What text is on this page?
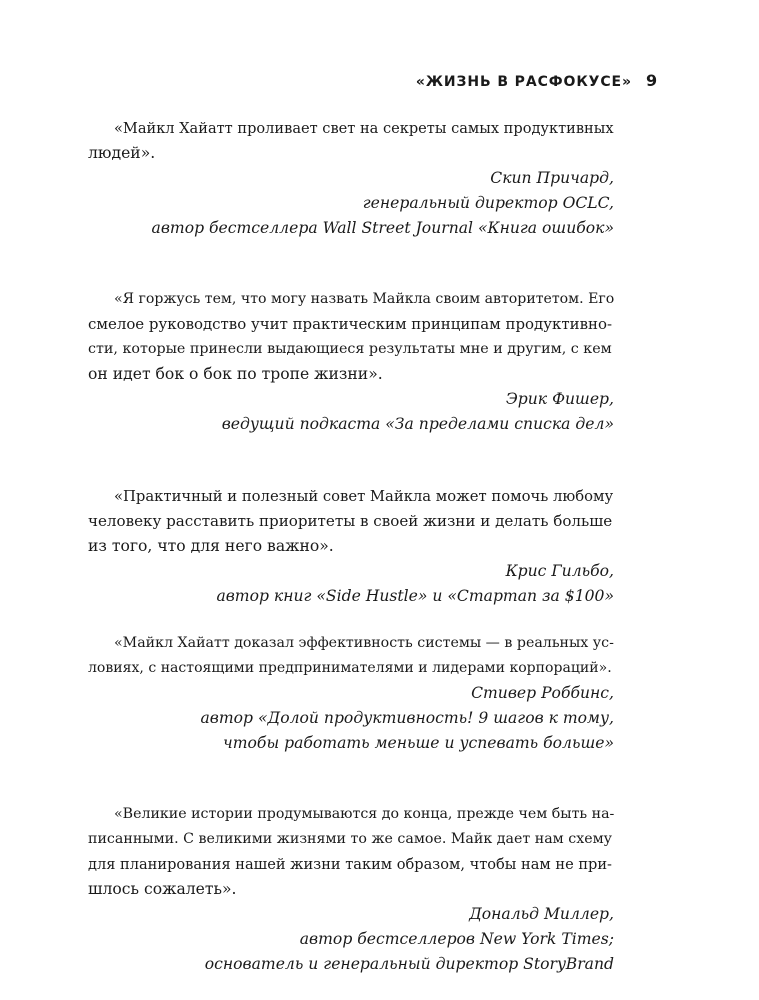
«ЖИЗНЬ В РАСФОКУСЕ» 9

«Майкл Хайатт проливает свет на секреты самых продуктивных
людей».

Скип Причард,
генеральный директор OCLC,
автор бестселлера Wall Street Journal «Книга ошибок»

«Я горжусь тем, что могу назвать Майкла своим авторитетом. Его
смелое руководство учит практическим принципам продуктивно-
сти, которые принесли выдающиеся результаты мне и другим, с кем
он идет бок о бок по тропе жизни».

Эрик Фишер,
ведущий подкаста «За пределами списка дел»

«Практичный и полезный совет Майкла может помочь любому
человеку расставить приоритеты в своей жизни и делать больше
из того, что для него важно».

Крис Гильбо,
автор книг «Side Hustle» и «Стартап за $100»

«Майкл Хайатт доказал эффективность системы — в реальных ус-
ловиях, с настоящими предпринимателями и лидерами корпораций».

Стивер Роббинс,
автор «Долой продуктивность! 9 шагов к тому,
чтобы работать меньше и успевать больше»

«Великие истории продумываются до конца, прежде чем быть на-
писанными. С великими жизнями то же самое. Майк дает нам схему
для планирования нашей жизни таким образом, чтобы нам не при-
шлось сожалеть».

Дональд Миллер,
автор бестселлеров New York Times;
основатель и генеральный директор StoryBrand
